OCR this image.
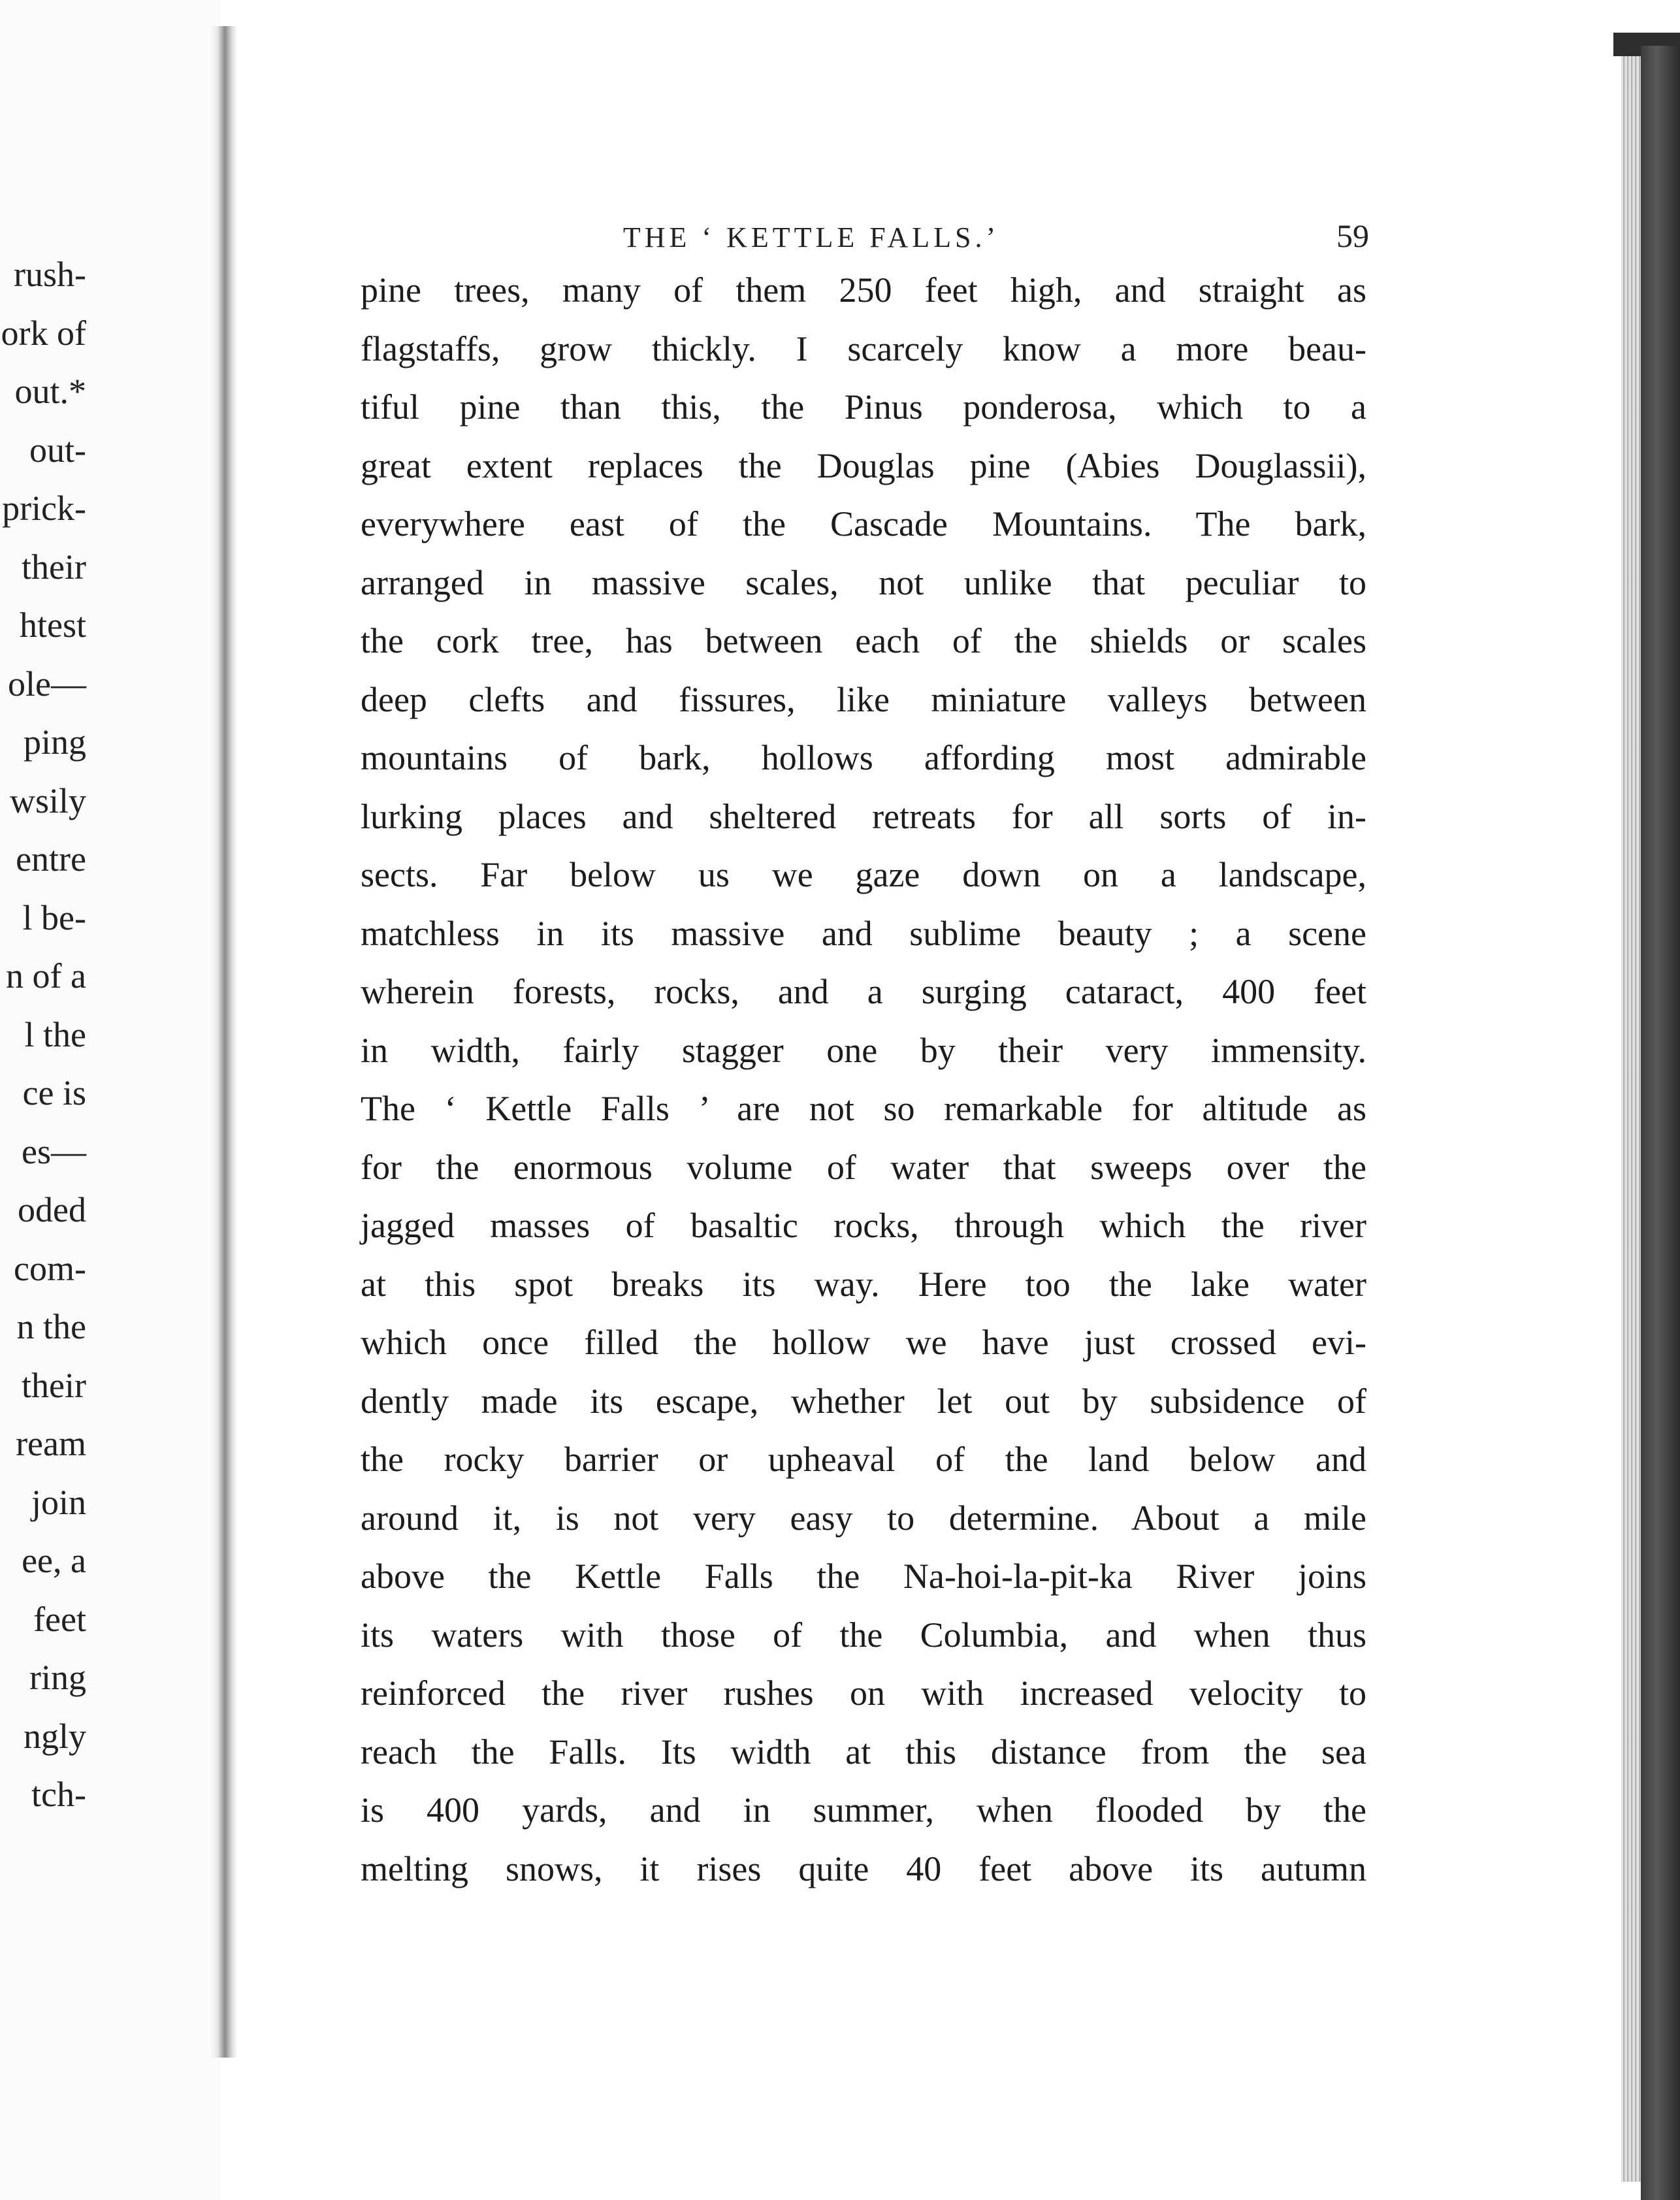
rush-
ork of
out.*
out-
prick-
their
htest
ole—
ping
wsily
entre
l be-
n of a
l the
ce is
es—
oded
com-
n the
their
ream
join
ee, a
feet
ring
ngly
tch-
THE ‘ KETTLE FALLS.’	59
pine trees, many of them 250 feet high, and straight as
flagstaffs, grow thickly. I scarcely know a more beau-
tiful pine than this, the Pinus ponderosa, which to a
great extent replaces the Douglas pine (Abies Douglassii),
everywhere east of the Cascade Mountains. The bark,
arranged in massive scales, not unlike that peculiar to
the cork tree, has between each of the shields or scales
deep clefts and fissures, like miniature valleys between
mountains of bark, hollows affording most admirable
lurking places and sheltered retreats for all sorts of in-
sects. Far below us we gaze down on a landscape,
matchless in its massive and sublime beauty ; a scene
wherein forests, rocks, and a surging cataract, 400 feet
in width, fairly stagger one by their very immensity.
The ‘ Kettle Falls ’ are not so remarkable for altitude as
for the enormous volume of water that sweeps over the
jagged masses of basaltic rocks, through which the river
at this spot breaks its way. Here too the lake water
which once filled the hollow we have just crossed evi-
dently made its escape, whether let out by subsidence of
the rocky barrier or upheaval of the land below and
around it, is not very easy to determine. About a mile
above the Kettle Falls the Na-hoi-la-pit-ka River joins
its waters with those of the Columbia, and when thus
reinforced the river rushes on with increased velocity to
reach the Falls. Its width at this distance from the sea
is 400 yards, and in summer, when flooded by the
melting snows, it rises quite 40 feet above its autumn
